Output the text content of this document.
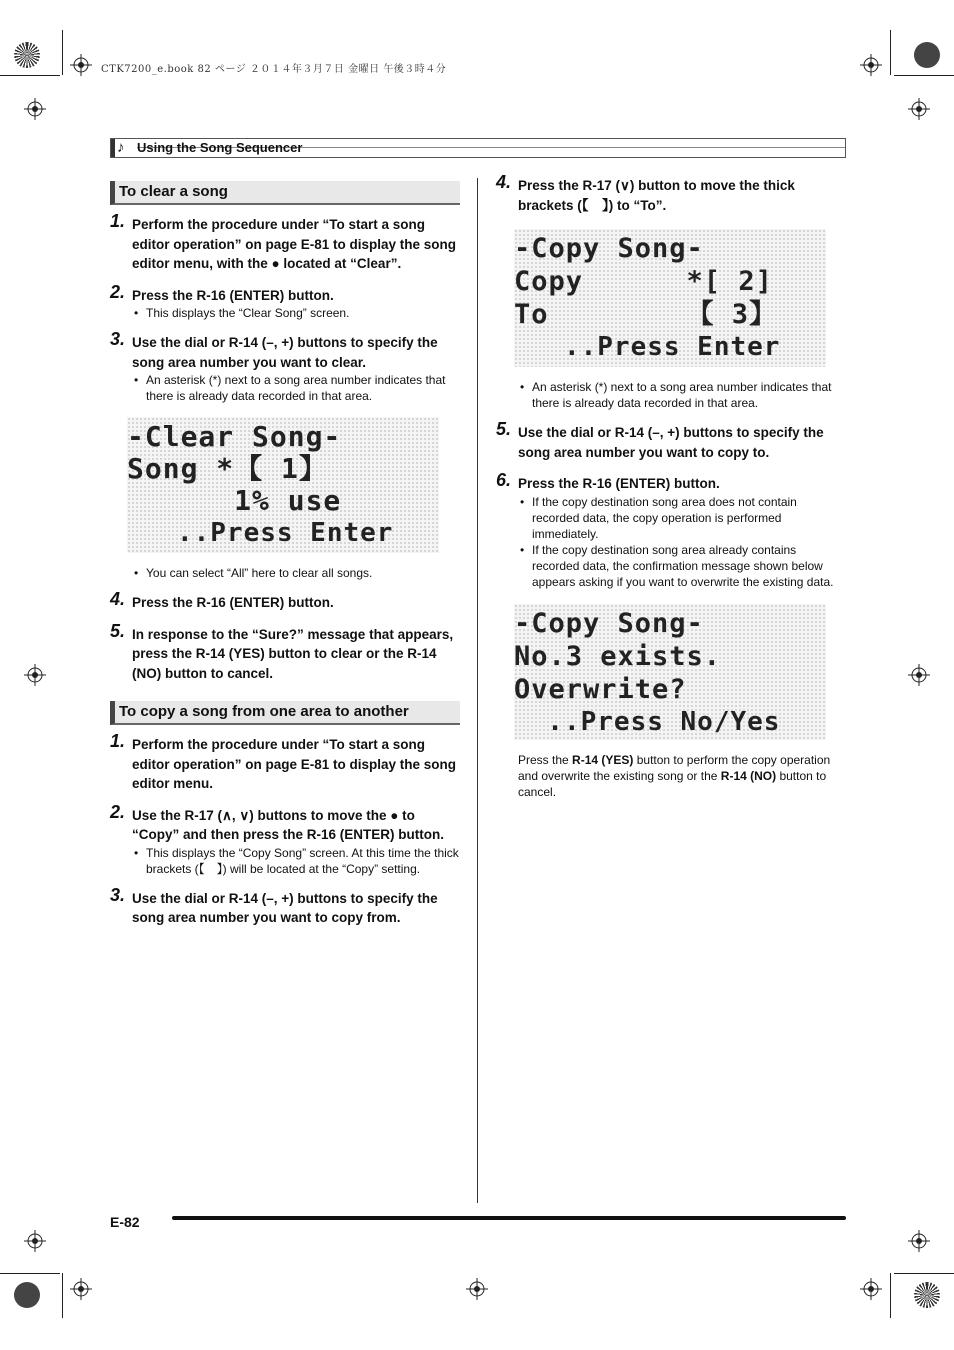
CTK7200_e.book 82 ページ ２０１４年３月７日 金曜日 午後３時４分
♪ Using the Song Sequencer
To clear a song
1. Perform the procedure under “To start a song editor operation” on page E-81 to display the song editor menu, with the ● located at “Clear”.
2. Press the R-16 (ENTER) button.
• This displays the “Clear Song” screen.
3. Use the dial or R-14 (–, +) buttons to specify the song area number you want to clear.
• An asterisk (*) next to a song area number indicates that there is already data recorded in that area.
-Clear Song-
Song *【 1】
1% use
..Press Enter
• You can select “All” here to clear all songs.
4. Press the R-16 (ENTER) button.
5. In response to the “Sure?” message that appears, press the R-14 (YES) button to clear or the R-14 (NO) button to cancel.
To copy a song from one area to another
1. Perform the procedure under “To start a song editor operation” on page E-81 to display the song editor menu.
2. Use the R-17 (∧, ∨) buttons to move the ● to “Copy” and then press the R-16 (ENTER) button.
• This displays the “Copy Song” screen. At this time the thick brackets (【　】) will be located at the “Copy” setting.
3. Use the dial or R-14 (–, +) buttons to specify the song area number you want to copy from.
4. Press the R-17 (∨) button to move the thick brackets (【　】) to “To”.
-Copy Song-
Copy      *[ 2]
To        【 3】
..Press Enter
• An asterisk (*) next to a song area number indicates that there is already data recorded in that area.
5. Use the dial or R-14 (–, +) buttons to specify the song area number you want to copy to.
6. Press the R-16 (ENTER) button.
• If the copy destination song area does not contain recorded data, the copy operation is performed immediately.
• If the copy destination song area already contains recorded data, the confirmation message shown below appears asking if you want to overwrite the existing data.
-Copy Song-
No.3 exists.
Overwrite?
..Press No/Yes
Press the R-14 (YES) button to perform the copy operation and overwrite the existing song or the R-14 (NO) button to cancel.
E-82
